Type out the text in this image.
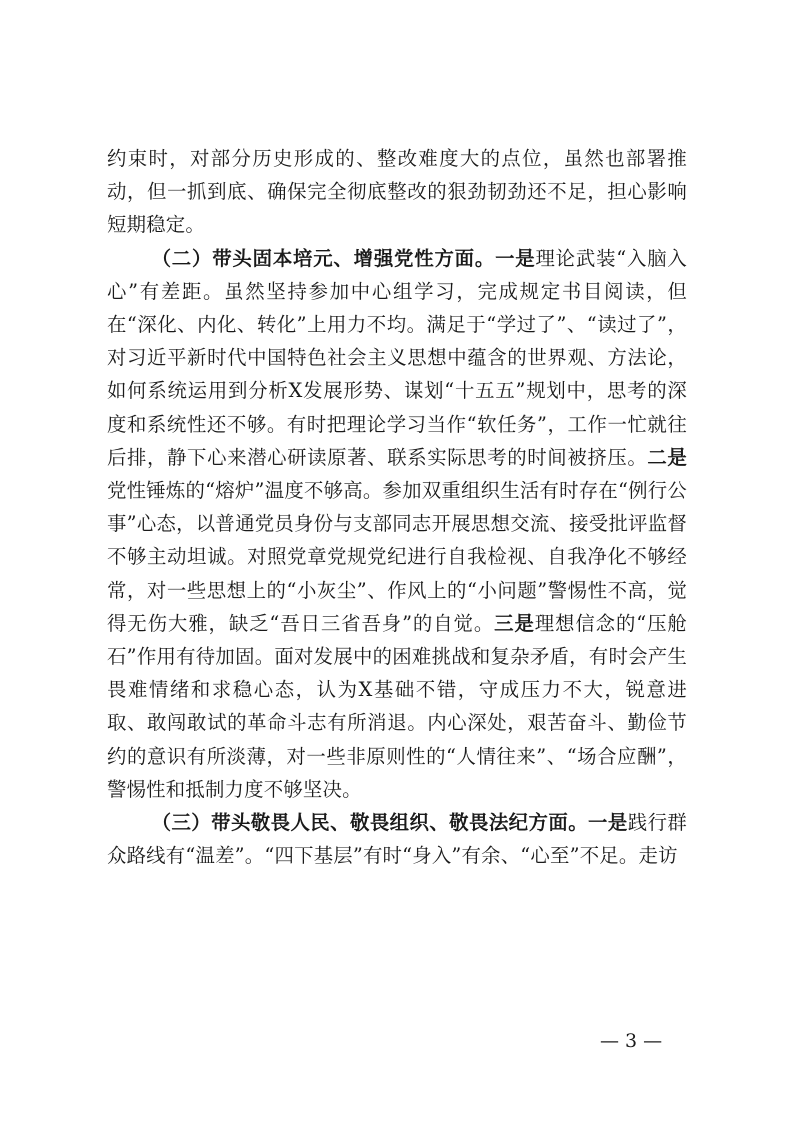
约束时，对部分历史形成的、整改难度大的点位，虽然也部署推动，但一抓到底、确保完全彻底整改的狠劲韧劲还不足，担心影响短期稳定。

（二）带头固本培元、增强党性方面。一是理论武装“入脑入心”有差距。虽然坚持参加中心组学习，完成规定书目阅读，但在“深化、内化、转化”上用力不均。满足于“学过了”、“读过了”，对习近平新时代中国特色社会主义思想中蕴含的世界观、方法论，如何系统运用到分析X发展形势、谋划“十五五”规划中，思考的深度和系统性还不够。有时把理论学习当作“软任务”，工作一忙就往后排，静下心来潜心研读原著、联系实际思考的时间被挤压。二是党性锤炼的“熔炉”温度不够高。参加双重组织生活有时存在“例行公事”心态，以普通党员身份与支部同志开展思想交流、接受批评监督不够主动坦诚。对照党章党规党纪进行自我检视、自我净化不够经常，对一些思想上的“小灰尘”、作风上的“小问题”警惕性不高，觉得无伤大雅，缺乏“吾日三省吾身”的自觉。三是理想信念的“压舱石”作用有待加固。面对发展中的困难挑战和复杂矛盾，有时会产生畏难情绪和求稳心态，认为X基础不错，守成压力不大，锐意进取、敢闯敢试的革命斗志有所消退。内心深处，艰苦奋斗、勤俭节约的意识有所淡薄，对一些非原则性的“人情往来”、“场合应酬”，警惕性和抵制力度不够坚决。

（三）带头敬畏人民、敬畏组织、敬畏法纪方面。一是践行群众路线有“温差”。“四下基层”有时“身入”有余、“心至”不足。走访

— 3 —
